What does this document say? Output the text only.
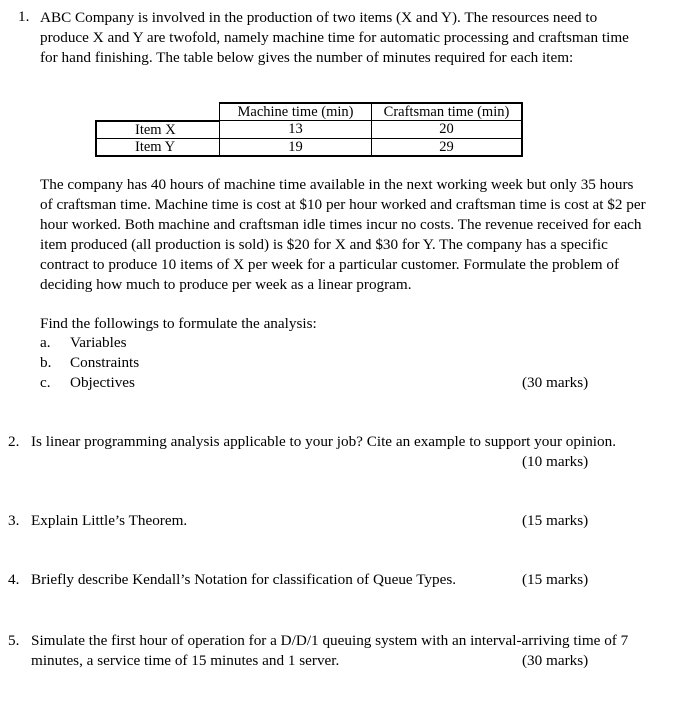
1. ABC Company is involved in the production of two items (X and Y). The resources need to
produce X and Y are twofold, namely machine time for automatic processing and craftsman time
for hand finishing. The table below gives the number of minutes required for each item:
	Machine time (min)	Craftsman time (min)
Item X	13	20
Item Y	19	29
The company has 40 hours of machine time available in the next working week but only 35 hours
of craftsman time. Machine time is cost at $10 per hour worked and craftsman time is cost at $2 per
hour worked. Both machine and craftsman idle times incur no costs. The revenue received for each
item produced (all production is sold) is $20 for X and $30 for Y. The company has a specific
contract to produce 10 items of X per week for a particular customer. Formulate the problem of
deciding how much to produce per week as a linear program.
Find the followings to formulate the analysis:
a. Variables
b. Constraints
c. Objectives	(30 marks)
2. Is linear programming analysis applicable to your job? Cite an example to support your opinion.
(10 marks)
3. Explain Little’s Theorem.	(15 marks)
4. Briefly describe Kendall’s Notation for classification of Queue Types.	(15 marks)
5. Simulate the first hour of operation for a D/D/1 queuing system with an interval-arriving time of 7
minutes, a service time of 15 minutes and 1 server.	(30 marks)
